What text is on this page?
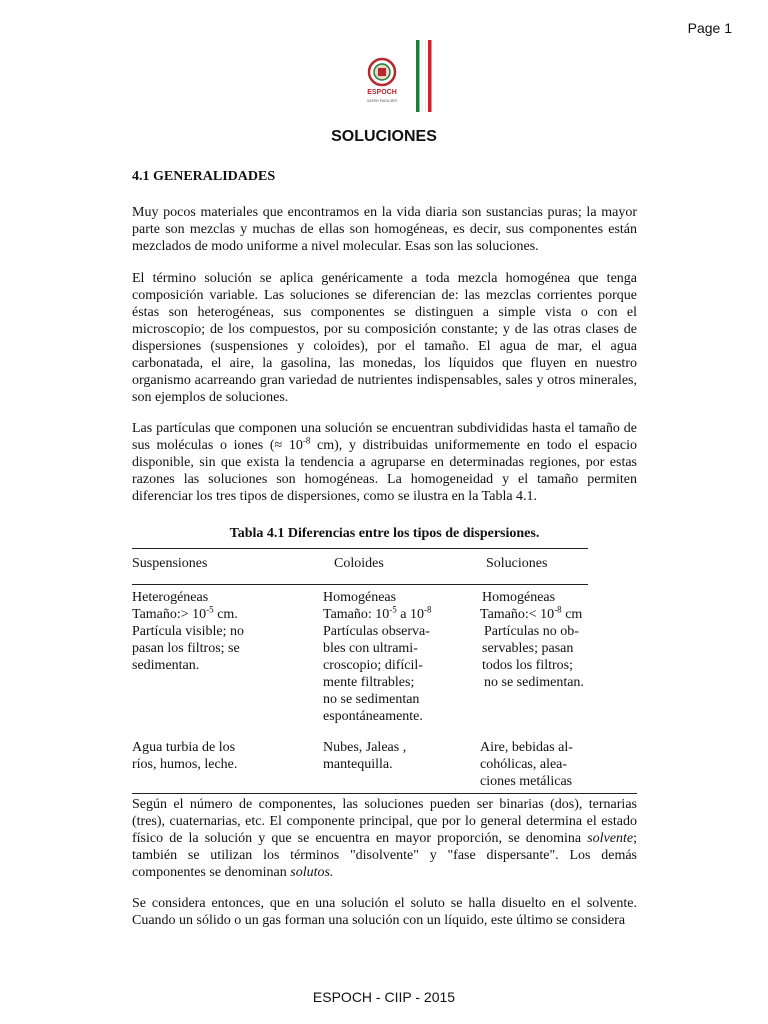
Page 1
ESPOCH
SAPER PARA SER
SOLUCIONES
4.1 GENERALIDADES

Muy pocos materiales que encontramos en la vida diaria son sustancias puras; la mayor parte son mezclas y muchas de ellas son homogéneas, es decir, sus componentes están mezclados de modo uniforme a nivel molecular. Esas son las soluciones.

El término solución se aplica genéricamente a toda mezcla homogénea que tenga composición variable. Las soluciones se diferencian de: las mezclas corrientes porque éstas son heterogéneas, sus componentes se distinguen a simple vista o con el microscopio; de los compuestos, por su composición constante; y de las otras clases de dispersiones (suspensiones y coloides), por el tamaño. El agua de mar, el agua carbonatada, el aire, la gasolina, las monedas, los líquidos que fluyen en nuestro organismo acarreando gran variedad de nutrientes indispensables, sales y otros minerales, son ejemplos de soluciones.

Las partículas que componen una solución se encuentran subdivididas hasta el tamaño de sus moléculas o iones (≈ $10^{-8}$ cm), y distribuidas uniformemente en todo el espacio disponible, sin que exista la tendencia a agruparse en determinadas regiones, por estas razones las soluciones son homogéneas. La homogeneidad y el tamaño permiten diferenciar los tres tipos de dispersiones, como se ilustra en la Tabla 4.1.

Tabla 4.1 Diferencias entre los tipos de dispersiones.
Suspensiones	Coloides	Soluciones
Heterogéneas
Tamaño:> $10^{-5}$ cm.
Partícula visible; no
pasan los filtros; se
sedimentan.
Agua turbia de los
ríos, humos, leche.
Homogéneas
Tamaño: $10^{-5}$ a $10^{-8}$
Partículas observa-
bles con ultrami-
croscopio; difícil-
mente filtrables;
no se sedimentan
espontáneamente.
Nubes, Jaleas ,
mantequilla.
Homogéneas
Tamaño:< $10^{-8}$ cm
Partículas no ob-
servables; pasan
todos los filtros;
no se sedimentan.
Aire, bebidas al-
cohólicas, alea-
ciones metálicas

Según el número de componentes, las soluciones pueden ser binarias (dos), ternarias (tres), cuaternarias, etc. El componente principal, que por lo general determina el estado físico de la solución y que se encuentra en mayor proporción, se denomina solvente; también se utilizan los términos "disolvente" y "fase dispersante". Los demás componentes se denominan solutos.

Se considera entonces, que en una solución el soluto se halla disuelto en el solvente. Cuando un sólido o un gas forman una solución con un líquido, este último se considera

ESPOCH - CIIP - 2015
